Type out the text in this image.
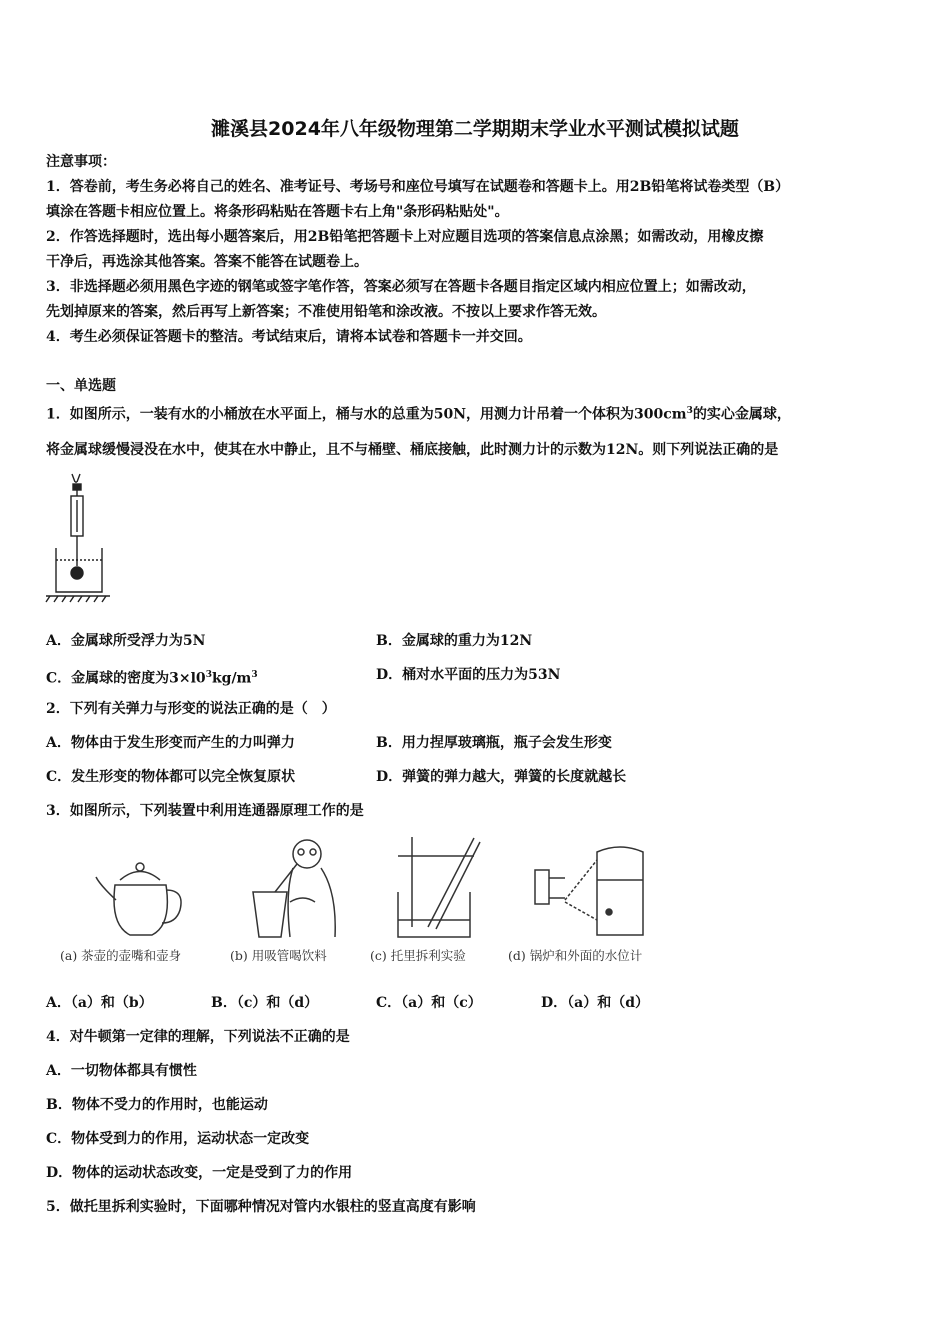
濉溪县2024年八年级物理第二学期期末学业水平测试模拟试题
注意事项：
1．答卷前，考生务必将自己的姓名、准考证号、考场号和座位号填写在试题卷和答题卡上。用2B铅笔将试卷类型（B）
填涂在答题卡相应位置上。将条形码粘贴在答题卡右上角"条形码粘贴处"。
2．作答选择题时，选出每小题答案后，用2B铅笔把答题卡上对应题目选项的答案信息点涂黑；如需改动，用橡皮擦
干净后，再选涂其他答案。答案不能答在试题卷上。
3．非选择题必须用黑色字迹的钢笔或签字笔作答，答案必须写在答题卡各题目指定区域内相应位置上；如需改动，
先划掉原来的答案，然后再写上新答案；不准使用铅笔和涂改液。不按以上要求作答无效。
4．考生必须保证答题卡的整洁。考试结束后，请将本试卷和答题卡一并交回。
一、单选题
1．如图所示，一装有水的小桶放在水平面上，桶与水的总重为50N，用测力计吊着一个体积为$300cm^3$的实心金属球，
将金属球缓慢浸没在水中，使其在水中静止，且不与桶壁、桶底接触，此时测力计的示数为12N。则下列说法正确的是
A．金属球所受浮力为5N	B．金属球的重力为12N
C．金属球的密度为$3\times l0^3kg/m^3$	D．桶对水平面的压力为53N
2．下列有关弹力与形变的说法正确的是（　）
A．物体由于发生形变而产生的力叫弹力	B．用力捏厚玻璃瓶，瓶子会发生形变
C．发生形变的物体都可以完全恢复原状	D．弹簧的弹力越大，弹簧的长度就越长
3．如图所示，下列装置中利用连通器原理工作的是
(a) 茶壶的壶嘴和壶身	(b) 用吸管喝饮料	(c) 托里拆利实验	(d) 锅炉和外面的水位计
A．（a）和（b）	B．（c）和（d）	C．（a）和（c）	D．（a）和（d）
4．对牛顿第一定律的理解，下列说法不正确的是
A．一切物体都具有惯性
B．物体不受力的作用时，也能运动
C．物体受到力的作用，运动状态一定改变
D．物体的运动状态改变，一定是受到了力的作用
5．做托里拆利实验时，下面哪种情况对管内水银柱的竖直高度有影响
